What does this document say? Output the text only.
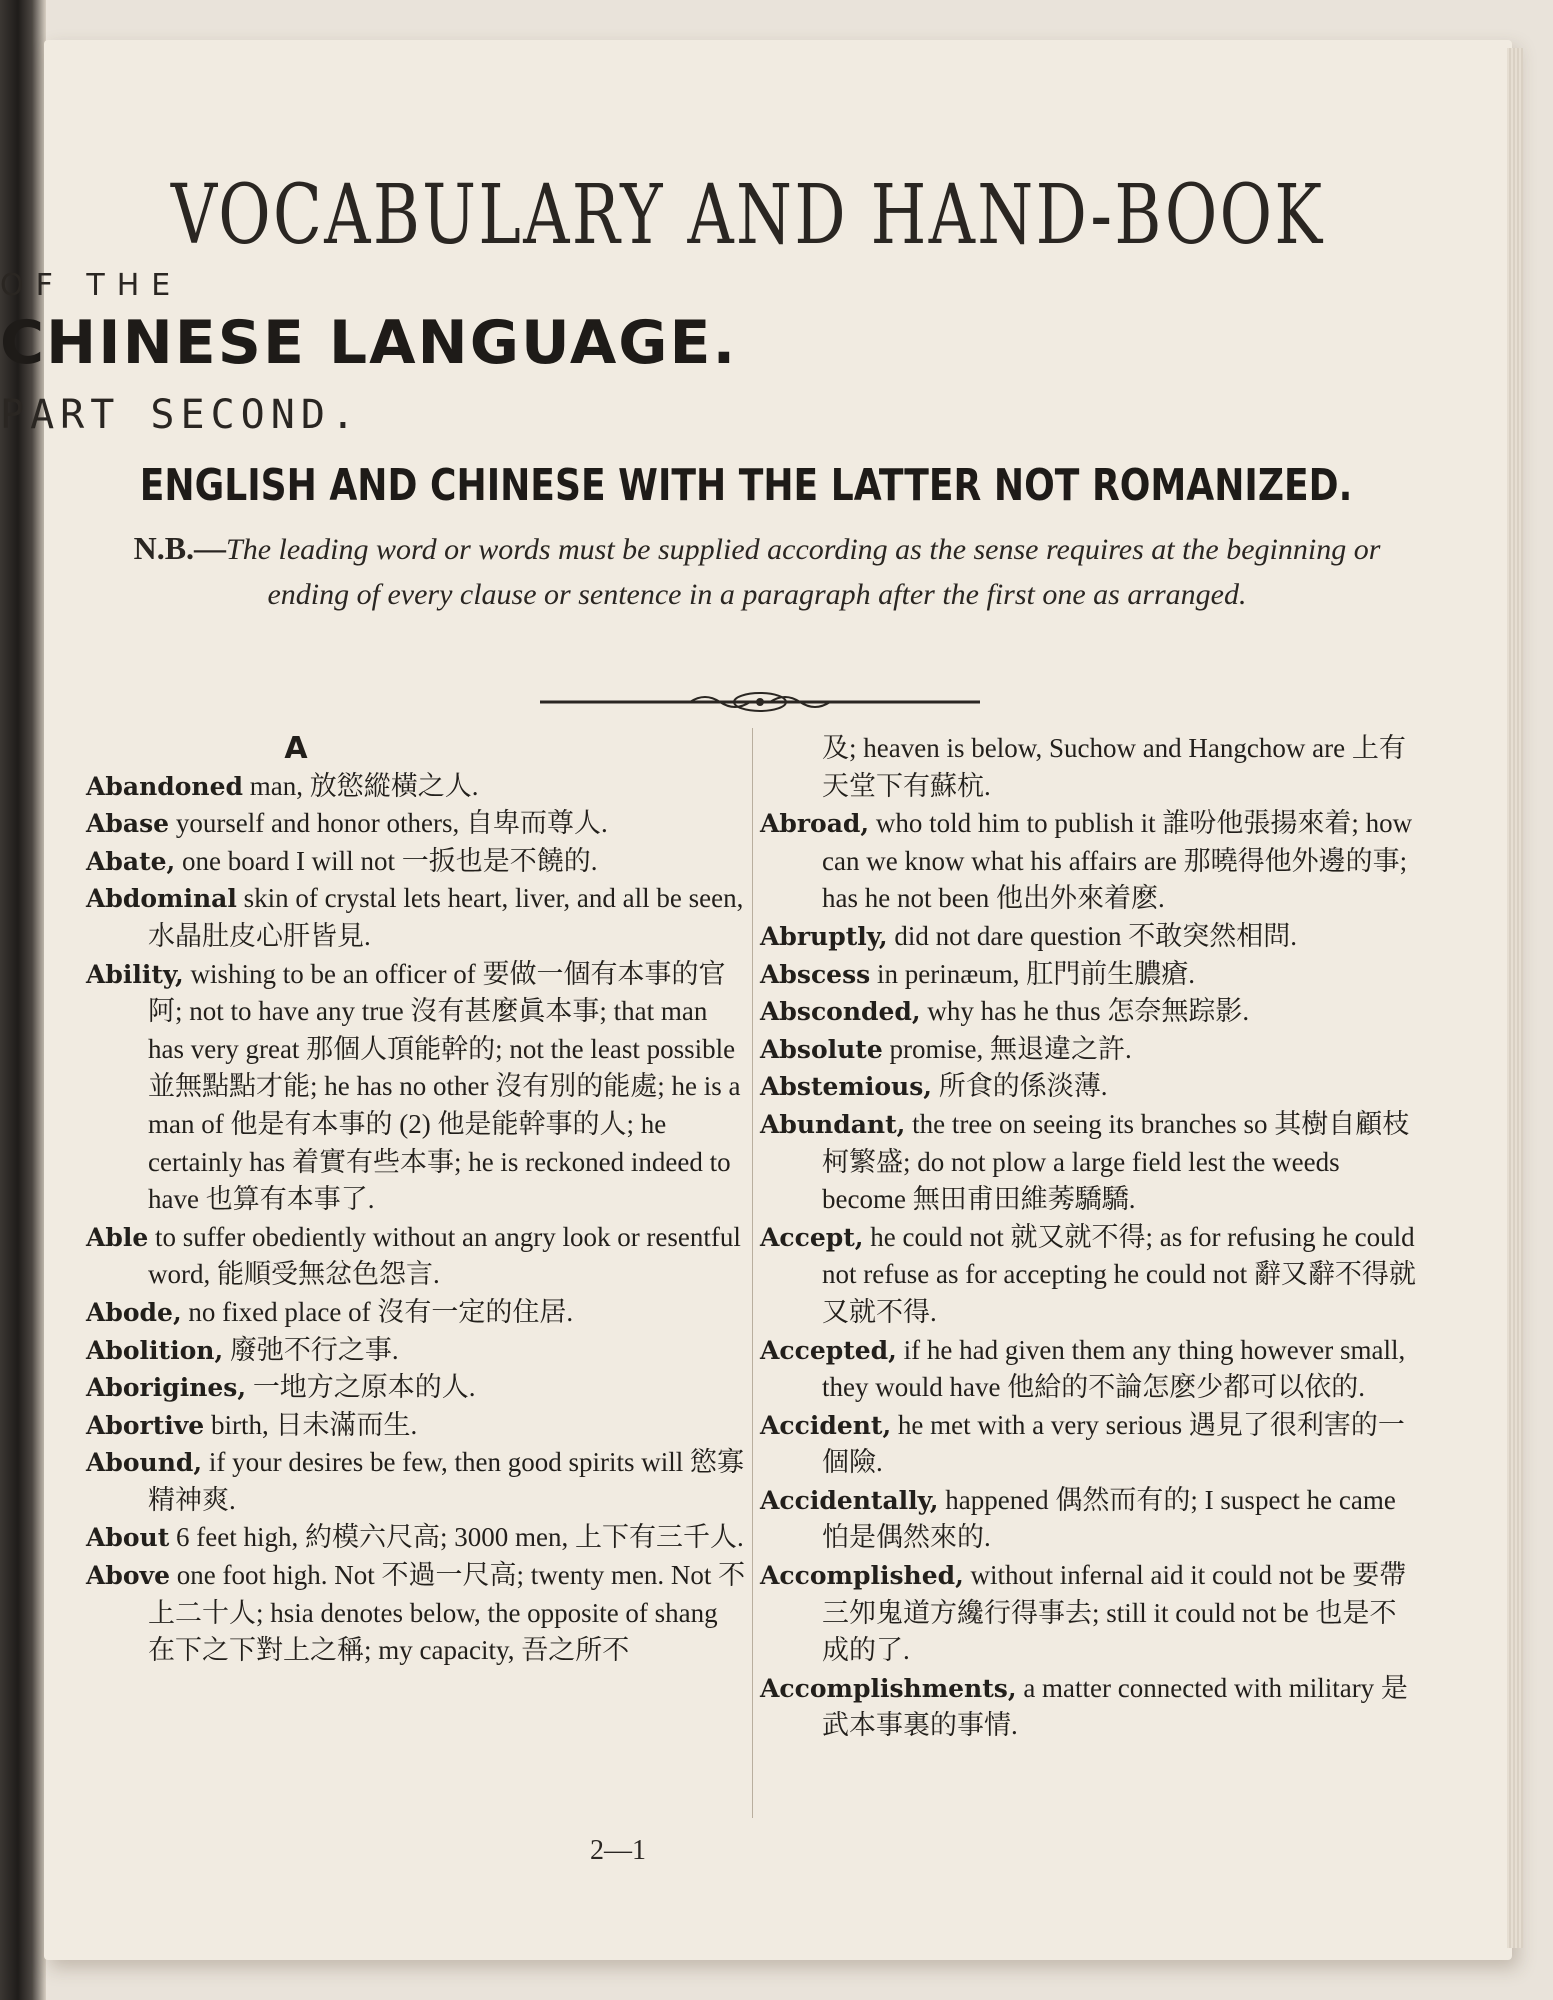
VOCABULARY AND HAND-BOOK
OF THE
CHINESE LANGUAGE.
PART SECOND.
ENGLISH AND CHINESE WITH THE LATTER NOT ROMANIZED.
N.B.—The leading word or words must be supplied according as the sense requires at the beginning or ending of every clause or sentence in a paragraph after the first one as arranged.
A

Abandoned man, 放慾縱橫之人.

Abase yourself and honor others, 自卑而尊人.

Abate, one board I will not 一扳也是不饒的.

Abdominal skin of crystal lets heart, liver, and all be seen, 水晶肚皮心肝皆見.

Ability, wishing to be an officer of 要做一個有本事的官阿; not to have any true 沒有甚麼眞本事; that man has very great 那個人頂能幹的; not the least possible 並無點點才能; he has no other 沒有別的能處; he is a man of 他是有本事的 (2) 他是能幹事的人; he certainly has 着實有些本事; he is reckoned indeed to have 也算有本事了.

Able to suffer obediently without an angry look or resentful word, 能順受無忿色怨言.

Abode, no fixed place of 沒有一定的住居.

Abolition, 廢弛不行之事.

Aborigines, 一地方之原本的人.

Abortive birth, 日未滿而生.

Abound, if your desires be few, then good spirits will 慾寡精神爽.

About 6 feet high, 約模六尺高; 3000 men, 上下有三千人.

Above one foot high. Not 不過一尺高; twenty men. Not 不上二十人; hsia denotes below, the opposite of shang 在下之下對上之稱; my capacity, 吾之所不

及; heaven is below, Suchow and Hangchow are 上有天堂下有蘇杭.

Abroad, who told him to publish it 誰吩他張揚來着; how can we know what his affairs are 那曉得他外邊的事; has he not been 他出外來着麽.

Abruptly, did not dare question 不敢突然相問.

Abscess in perinæum, 肛門前生膿瘡.

Absconded, why has he thus 怎奈無踪影.

Absolute promise, 無退違之許.

Abstemious, 所食的係淡薄.

Abundant, the tree on seeing its branches so 其樹自顧枝柯繁盛; do not plow a large field lest the weeds become 無田甫田維莠驕驕.

Accept, he could not 就又就不得; as for refusing he could not refuse as for accepting he could not 辭又辭不得就又就不得.

Accepted, if he had given them any thing however small, they would have 他給的不論怎麽少都可以依的.

Accident, he met with a very serious 遇見了很利害的一個險.

Accidentally, happened 偶然而有的; I suspect he came 怕是偶然來的.

Accomplished, without infernal aid it could not be 要帶三夘鬼道方纔行得事去; still it could not be 也是不成的了.

Accomplishments, a matter connected with military 是武本事裏的事情.

2—1
